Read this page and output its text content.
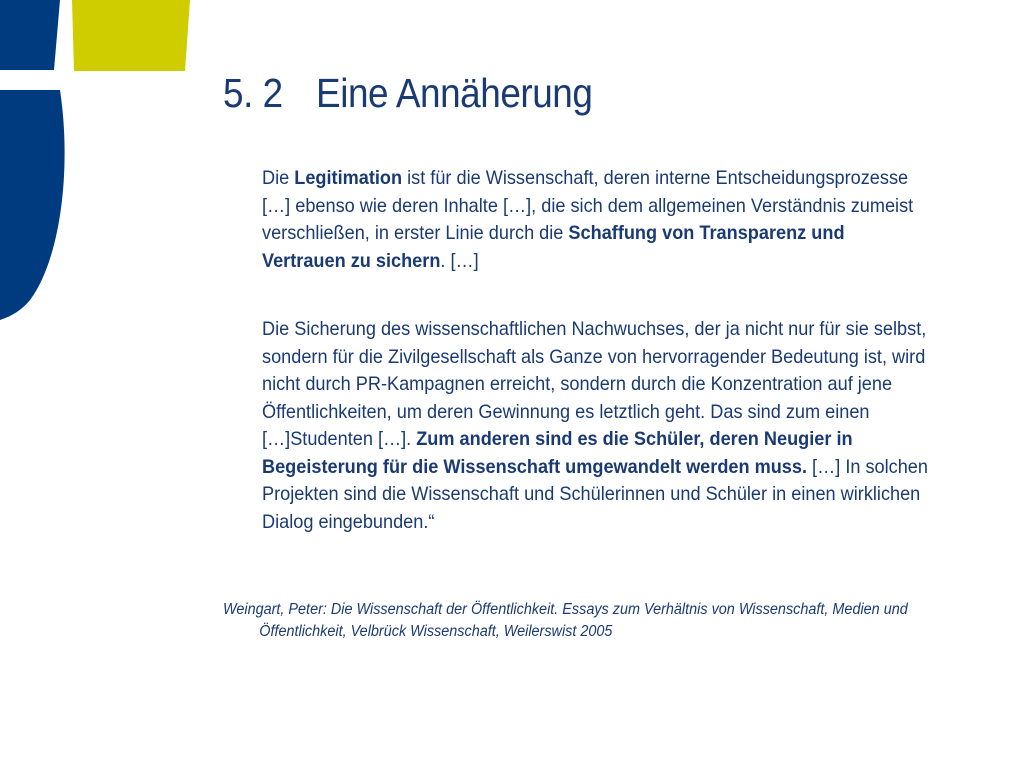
5. 2 Eine Annäherung

Die Legitimation ist für die Wissenschaft, deren interne Entscheidungsprozesse […] ebenso wie deren Inhalte […], die sich dem allgemeinen Verständnis zumeist verschließen, in erster Linie durch die Schaffung von Transparenz und Vertrauen zu sichern. […]

Die Sicherung des wissenschaftlichen Nachwuchses, der ja nicht nur für sie selbst, sondern für die Zivilgesellschaft als Ganze von hervorragender Bedeutung ist, wird nicht durch PR-Kampagnen erreicht, sondern durch die Konzentration auf jene Öffentlichkeiten, um deren Gewinnung es letztlich geht. Das sind zum einen […]Studenten […]. Zum anderen sind es die Schüler, deren Neugier in Begeisterung für die Wissenschaft umgewandelt werden muss. […] In solchen Projekten sind die Wissenschaft und Schülerinnen und Schüler in einen wirklichen Dialog eingebunden.“

Weingart, Peter: Die Wissenschaft der Öffentlichkeit. Essays zum Verhältnis von Wissenschaft, Medien und Öffentlichkeit, Velbrück Wissenschaft, Weilerswist 2005
